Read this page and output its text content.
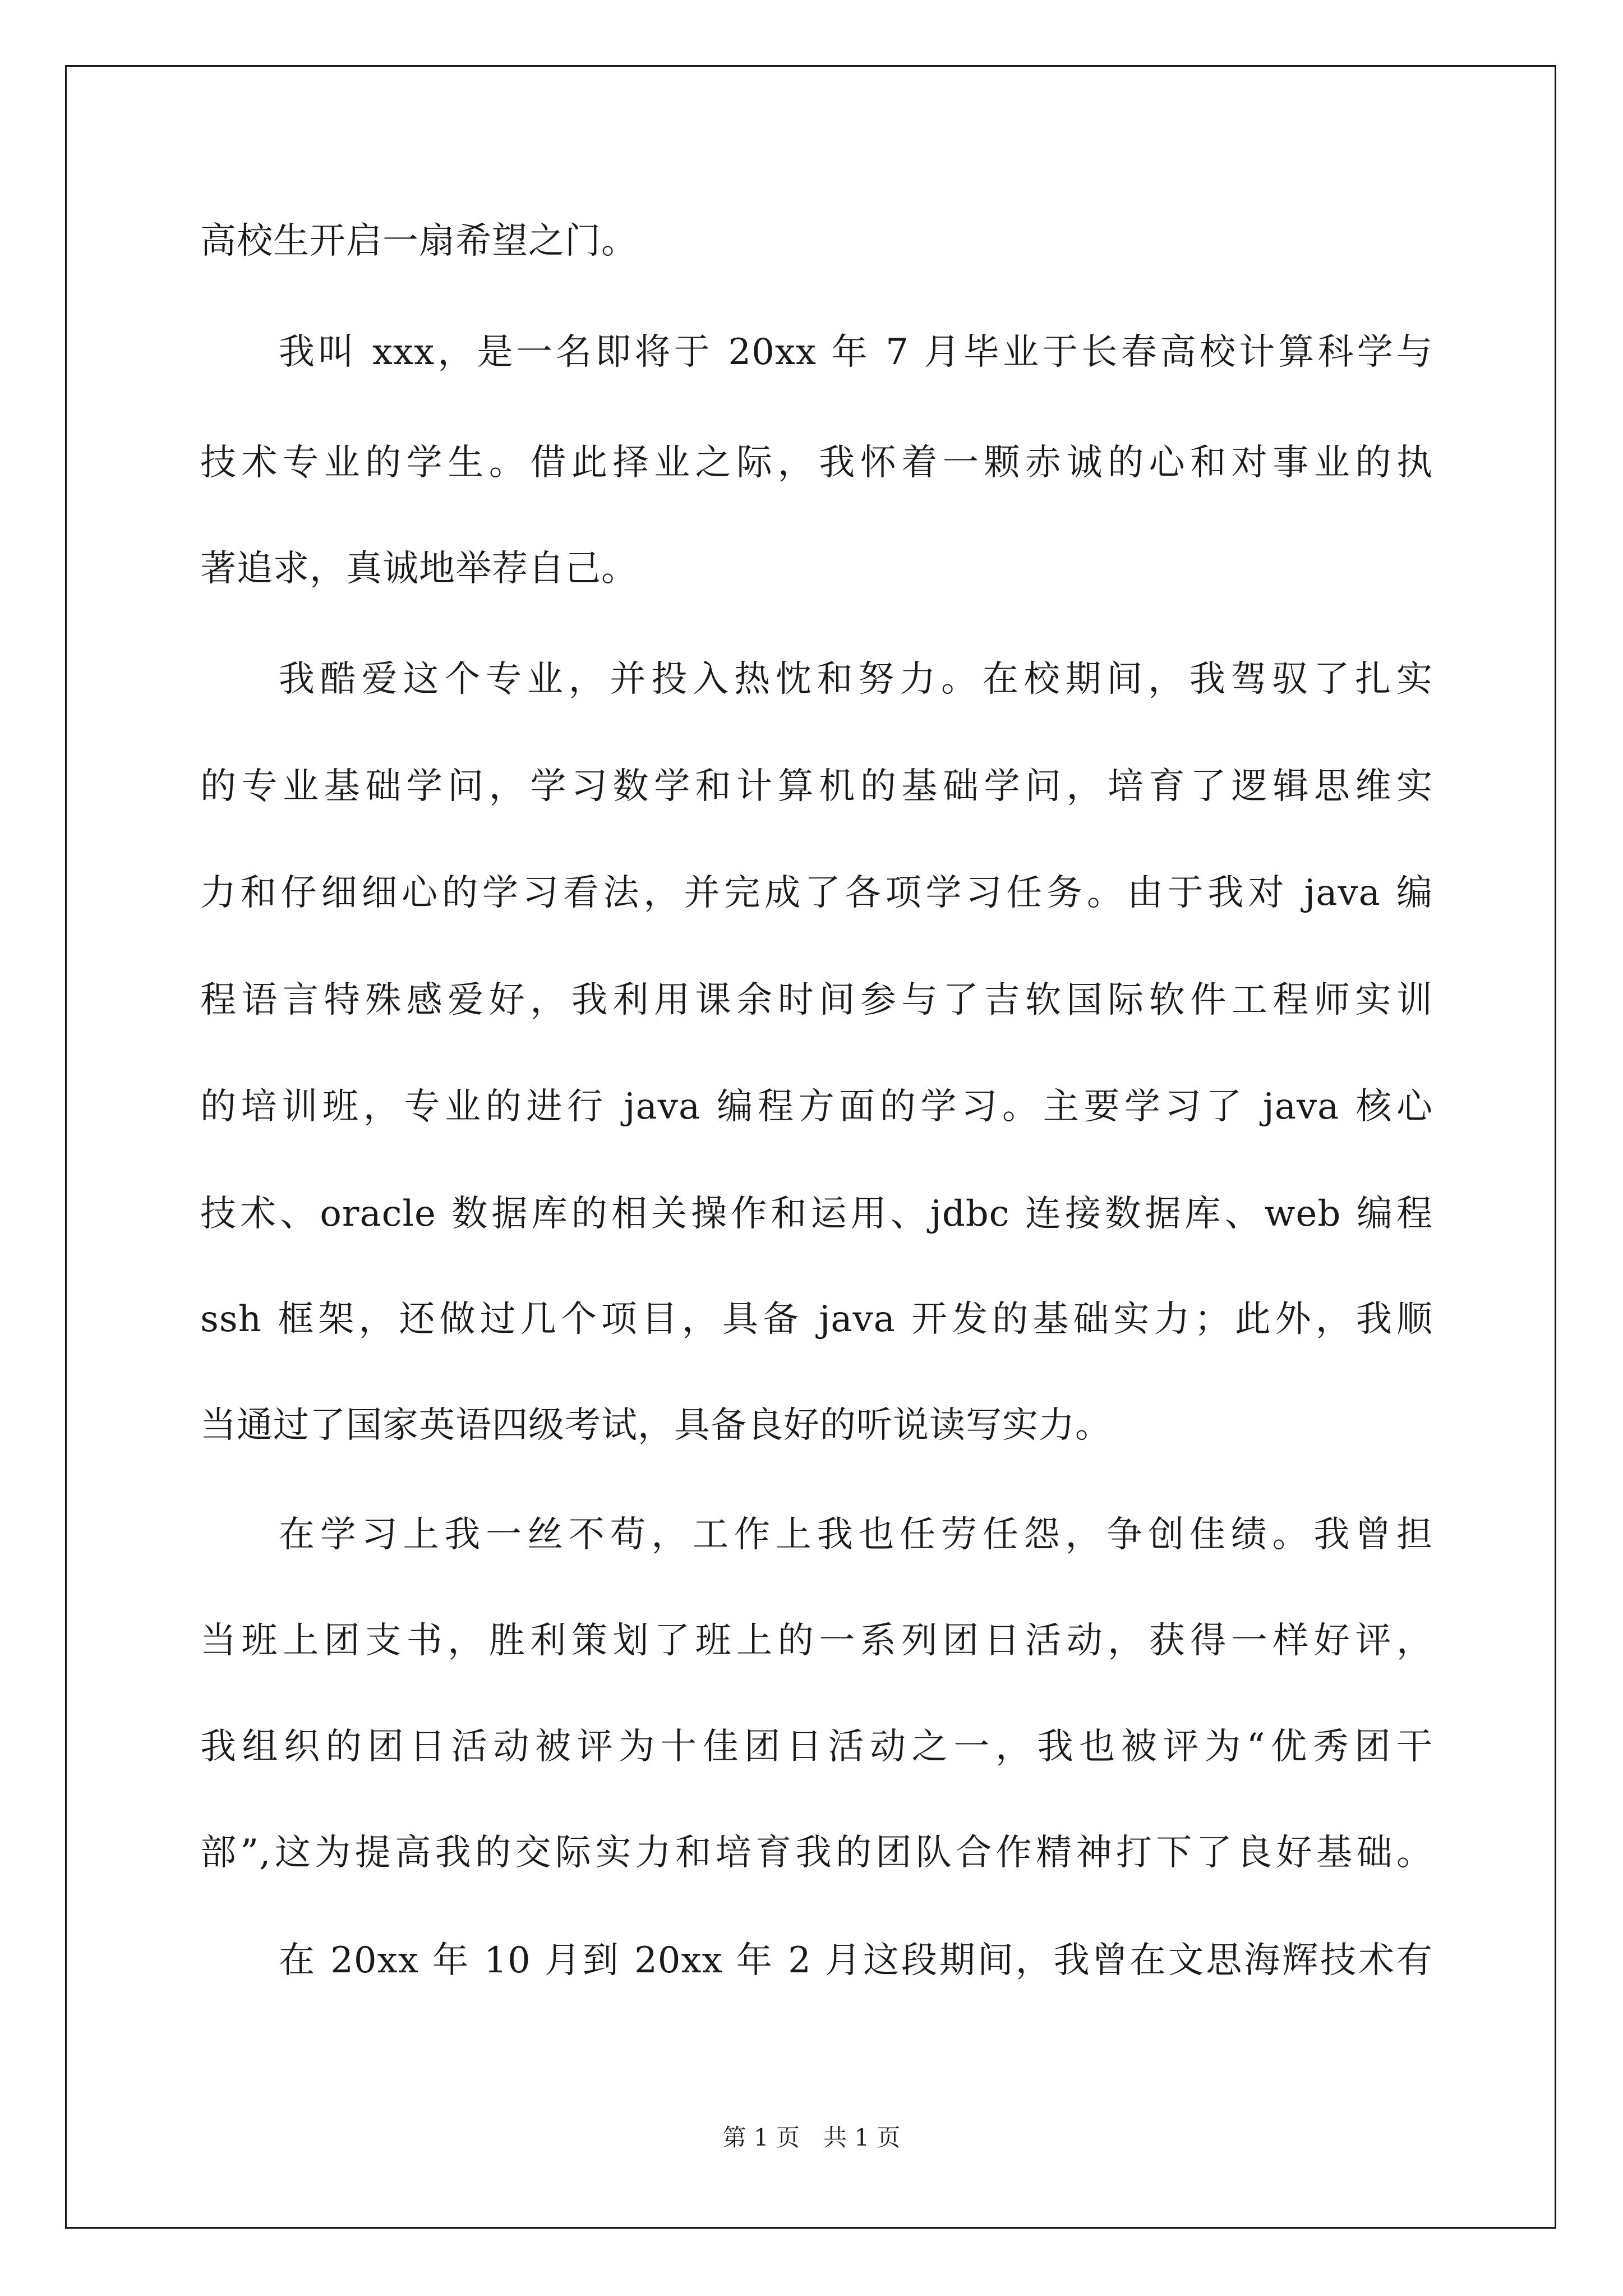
高校生开启一扇希望之门。

我叫 xxx，是一名即将于 20xx 年 7 月毕业于长春高校计算科学与

技术专业的学生。借此择业之际，我怀着一颗赤诚的心和对事业的执

著追求，真诚地举荐自己。

我酷爱这个专业，并投入热忱和努力。在校期间，我驾驭了扎实

的专业基础学问，学习数学和计算机的基础学问，培育了逻辑思维实

力和仔细细心的学习看法，并完成了各项学习任务。由于我对 java 编

程语言特殊感爱好，我利用课余时间参与了吉软国际软件工程师实训

的培训班，专业的进行 java 编程方面的学习。主要学习了 java 核心

技术、oracle 数据库的相关操作和运用、jdbc 连接数据库、web 编程

ssh 框架，还做过几个项目，具备 java 开发的基础实力；此外，我顺

当通过了国家英语四级考试，具备良好的听说读写实力。

在学习上我一丝不苟，工作上我也任劳任怨，争创佳绩。我曾担

当班上团支书，胜利策划了班上的一系列团日活动，获得一样好评，

我组织的团日活动被评为十佳团日活动之一，我也被评为“优秀团干

部”,这为提高我的交际实力和培育我的团队合作精神打下了良好基础。

在 20xx 年 10 月到 20xx 年 2 月这段期间，我曾在文思海辉技术有

第 1 页　共 1 页
